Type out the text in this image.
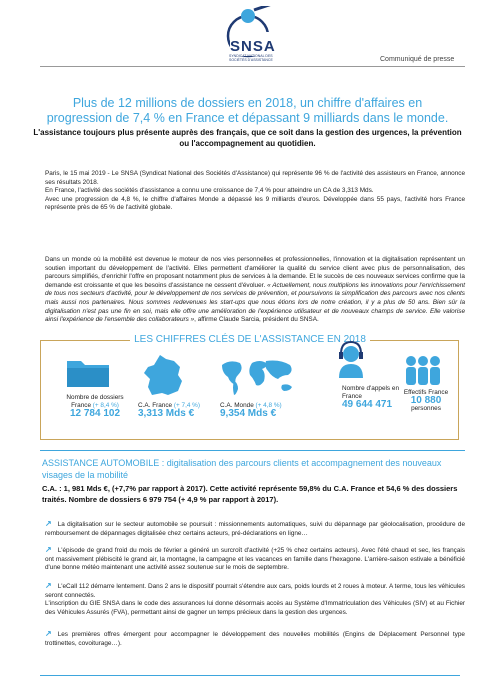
SNSA
SYNDICAT NATIONAL DES SOCIÉTÉS D'ASSISTANCE	Communiqué de presse
Plus de 12 millions de dossiers en 2018, un chiffre d'affaires en progression de 7,4 % en France et dépassant 9 milliards dans le monde.
L'assistance toujours plus présente auprès des français, que ce soit dans la gestion des urgences, la prévention ou l'accompagnement au quotidien.
Paris, le 15 mai 2019 - Le SNSA (Syndicat National des Sociétés d'Assistance) qui représente 96 % de l'activité des assisteurs en France, annonce ses résultats 2018.
En France, l'activité des sociétés d'assistance a connu une croissance de 7,4 % pour atteindre un CA de 3,313 Mds.
Avec une progression de 4,8 %, le chiffre d'affaires Monde a dépassé les 9 milliards d'euros. Développée dans 55 pays, l'activité hors France représente près de 65 % de l'activité globale.
Dans un monde où la mobilité est devenue le moteur de nos vies personnelles et professionnelles, l'innovation et la digitalisation représentent un soutien important du développement de l'activité. Elles permettent d'améliorer la qualité du service client avec plus de personnalisation, des parcours simplifiés, d'enrichir l'offre en proposant notamment plus de services à la demande. Et le succès de ces nouveaux services confirme que la demande est croissante et que les besoins d'assistance ne cessent d'évoluer. « Actuellement, nous multiplions les innovations pour l'enrichissement de tous nos secteurs d'activité, pour le développement de nos services de prévention, et poursuivons la simplification des parcours avec nos clients mais aussi nos partenaires. Nous sommes redevenues les start-ups que nous étions lors de notre création, il y a plus de 50 ans. Bien sûr la digitalisation n'est pas une fin en soi, mais elle offre une amélioration de l'expérience utilisateur et de nouveaux champs de service. Elle valorise ainsi l'expérience de l'ensemble des collaborateurs », affirme Claude Sarcia, président du SNSA.
LES CHIFFRES CLÉS DE L'ASSISTANCE EN 2018
Nombre de dossiers
France (+ 8,4 %)
12 784 102
C.A. France (+ 7,4 %)
3,313 Mds €
C.A. Monde (+ 4,8 %)
9,354 Mds €
Nombre d'appels en France
49 644 471
Effectifs France
10 880
personnes
ASSISTANCE AUTOMOBILE : digitalisation des parcours clients et accompagnement des nouveaux visages de la mobilité
C.A. : 1, 981 Mds €, (+7,7% par rapport à 2017). Cette activité représente 59,8% du C.A. France et 54,6 % des dossiers traités. Nombre de dossiers 6 979 754 (+ 4,9 % par rapport à 2017).
↗ La digitalisation sur le secteur automobile se poursuit : missionnements automatiques, suivi du dépannage par géolocalisation, procédure de remboursement de dépannages digitalisée chez certains acteurs, pré-déclarations en ligne…
↗ L'épisode de grand froid du mois de février a généré un surcroît d'activité (+25 % chez certains acteurs). Avec l'été chaud et sec, les français ont massivement plébiscité le grand air, la montagne, la campagne et les vacances en famille dans l'hexagone. L'arrière-saison estivale a bénéficié d'une bonne météo maintenant une activité assez soutenue sur le mois de septembre.
↗ L'eCall 112 démarre lentement. Dans 2 ans le dispositif pourrait s'étendre aux cars, poids lourds et 2 roues à moteur. A terme, tous les véhicules seront connectés.
L'inscription du GIE SNSA dans le code des assurances lui donne désormais accès au Système d'Immatriculation des Véhicules (SIV) et au Fichier des Véhicules Assurés (FVA), permettant ainsi de gagner un temps précieux dans la gestion des urgences.
↗ Les premières offres émergent pour accompagner le développement des nouvelles mobilités (Engins de Déplacement Personnel type trottinettes, covoiturage…).
